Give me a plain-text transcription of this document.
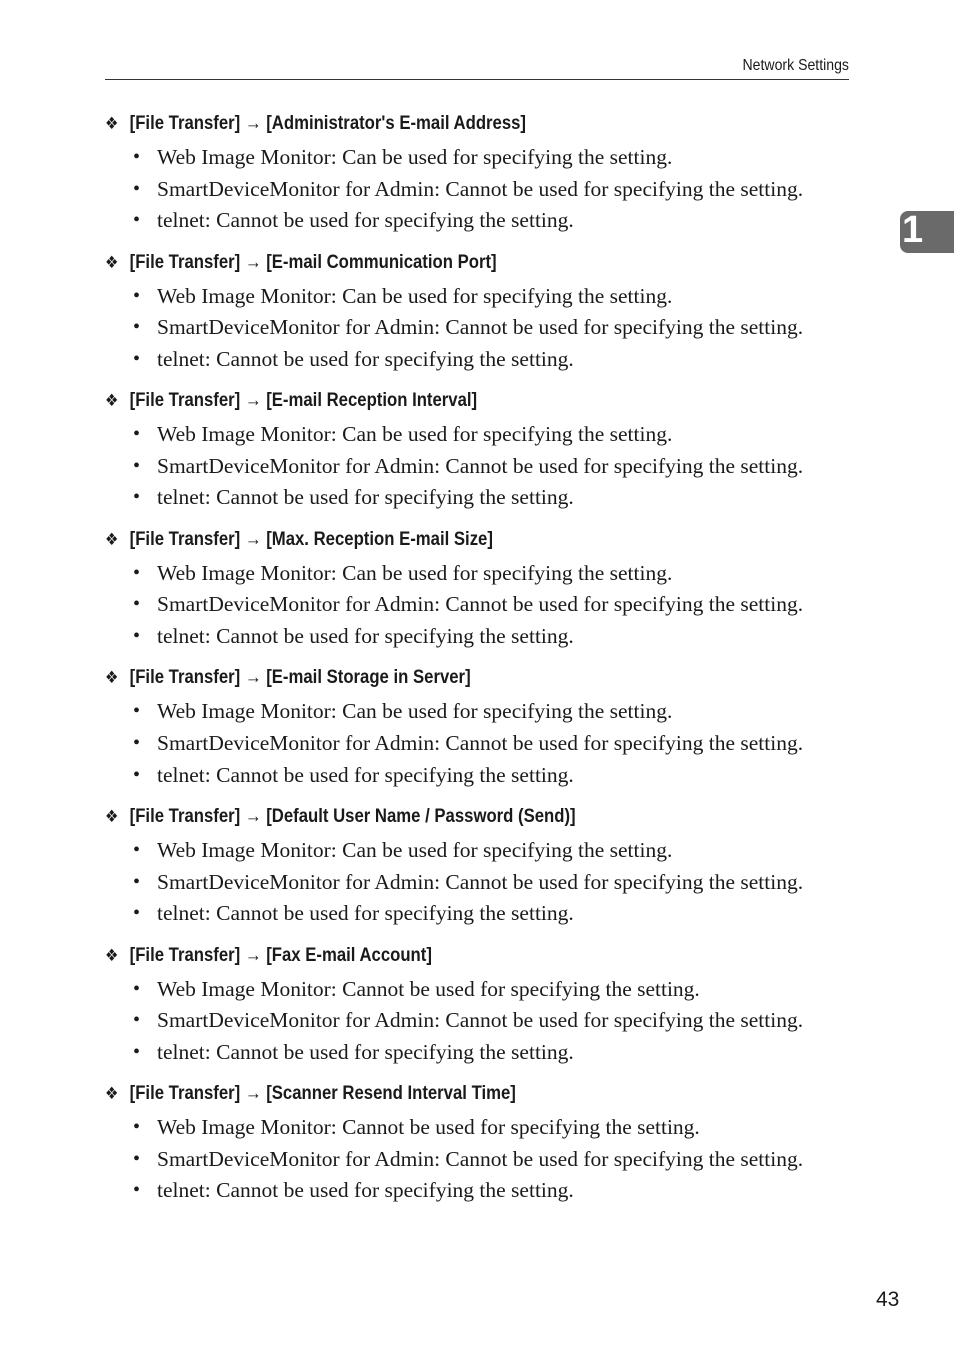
Network Settings
1
❖ [File Transfer] → [Administrator's E-mail Address]
• Web Image Monitor: Can be used for specifying the setting.
• SmartDeviceMonitor for Admin: Cannot be used for specifying the setting.
• telnet: Cannot be used for specifying the setting.
❖ [File Transfer] → [E-mail Communication Port]
• Web Image Monitor: Can be used for specifying the setting.
• SmartDeviceMonitor for Admin: Cannot be used for specifying the setting.
• telnet: Cannot be used for specifying the setting.
❖ [File Transfer] → [E-mail Reception Interval]
• Web Image Monitor: Can be used for specifying the setting.
• SmartDeviceMonitor for Admin: Cannot be used for specifying the setting.
• telnet: Cannot be used for specifying the setting.
❖ [File Transfer] → [Max. Reception E-mail Size]
• Web Image Monitor: Can be used for specifying the setting.
• SmartDeviceMonitor for Admin: Cannot be used for specifying the setting.
• telnet: Cannot be used for specifying the setting.
❖ [File Transfer] → [E-mail Storage in Server]
• Web Image Monitor: Can be used for specifying the setting.
• SmartDeviceMonitor for Admin: Cannot be used for specifying the setting.
• telnet: Cannot be used for specifying the setting.
❖ [File Transfer] → [Default User Name / Password (Send)]
• Web Image Monitor: Can be used for specifying the setting.
• SmartDeviceMonitor for Admin: Cannot be used for specifying the setting.
• telnet: Cannot be used for specifying the setting.
❖ [File Transfer] → [Fax E-mail Account]
• Web Image Monitor: Cannot be used for specifying the setting.
• SmartDeviceMonitor for Admin: Cannot be used for specifying the setting.
• telnet: Cannot be used for specifying the setting.
❖ [File Transfer] → [Scanner Resend Interval Time]
• Web Image Monitor: Cannot be used for specifying the setting.
• SmartDeviceMonitor for Admin: Cannot be used for specifying the setting.
• telnet: Cannot be used for specifying the setting.
43
